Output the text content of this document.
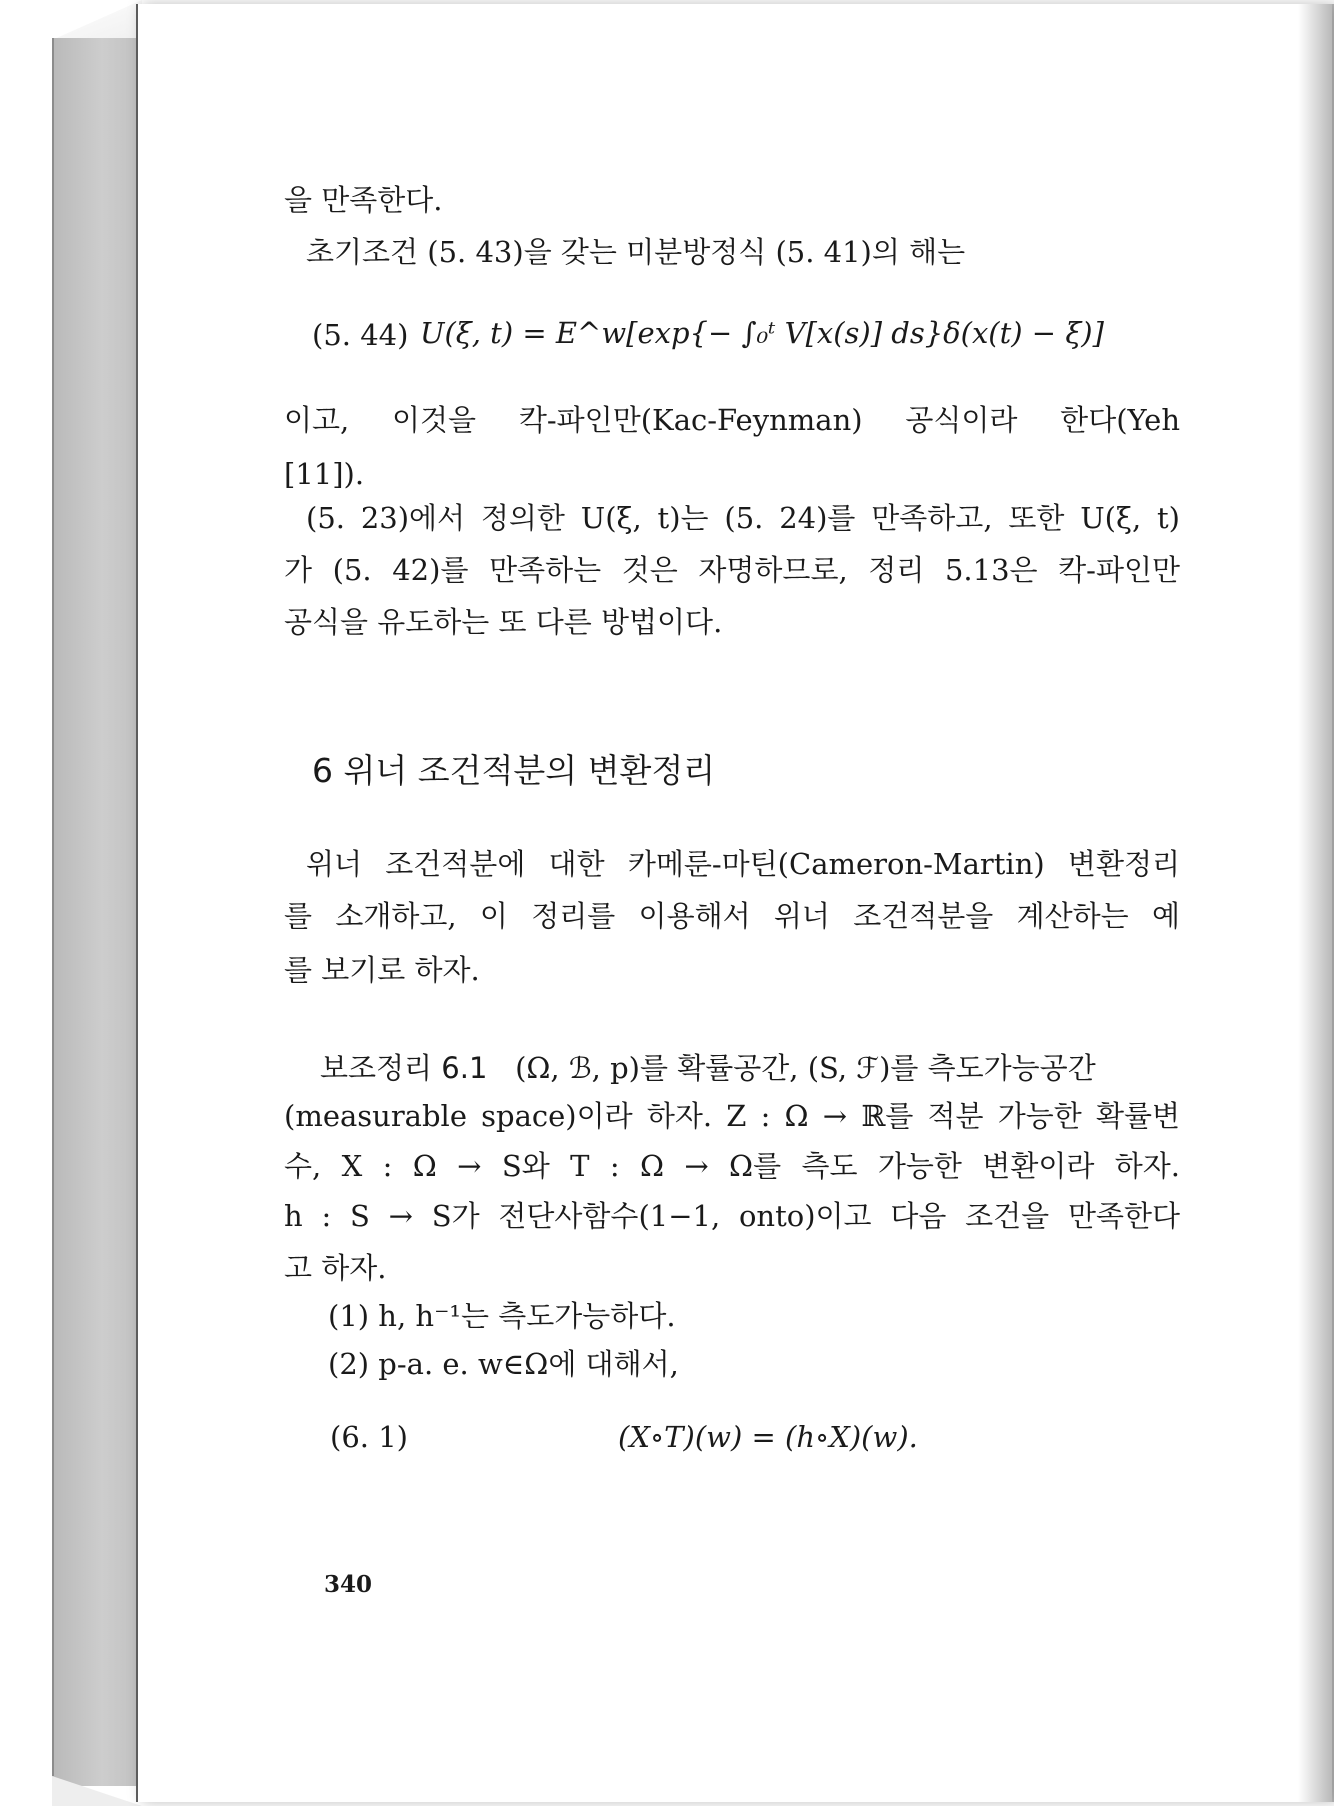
을 만족한다.
초기조건 (5. 43)을 갖는 미분방정식 (5. 41)의 해는
(5. 44) U(ξ, t) = E^w[exp{− ∫₀ᵗ V[x(s)] ds}δ(x(t) − ξ)]
이고, 이것을 칵-파인만(Kac-Feynman) 공식이라 한다(Yeh
[11]).
(5. 23)에서 정의한 U(ξ, t)는 (5. 24)를 만족하고, 또한 U(ξ, t)
가 (5. 42)를 만족하는 것은 자명하므로, 정리 5.13은 칵-파인만
공식을 유도하는 또 다른 방법이다.
6 위너 조건적분의 변환정리
위너 조건적분에 대한 카메룬-마틴(Cameron-Martin) 변환정리
를 소개하고, 이 정리를 이용해서 위너 조건적분을 계산하는 예
를 보기로 하자.
보조정리 6.1 (Ω, ℬ, p)를 확률공간, (S, ℱ)를 측도가능공간
(measurable space)이라 하자. Z : Ω → ℝ를 적분 가능한 확률변
수, X : Ω → S와 T : Ω → Ω를 측도 가능한 변환이라 하자.
h : S → S가 전단사함수(1−1, onto)이고 다음 조건을 만족한다
고 하자.
(1) h, h⁻¹는 측도가능하다.
(2) p-a. e. w∈Ω에 대해서,
(6. 1)	(X∘T)(w) = (h∘X)(w).
340
